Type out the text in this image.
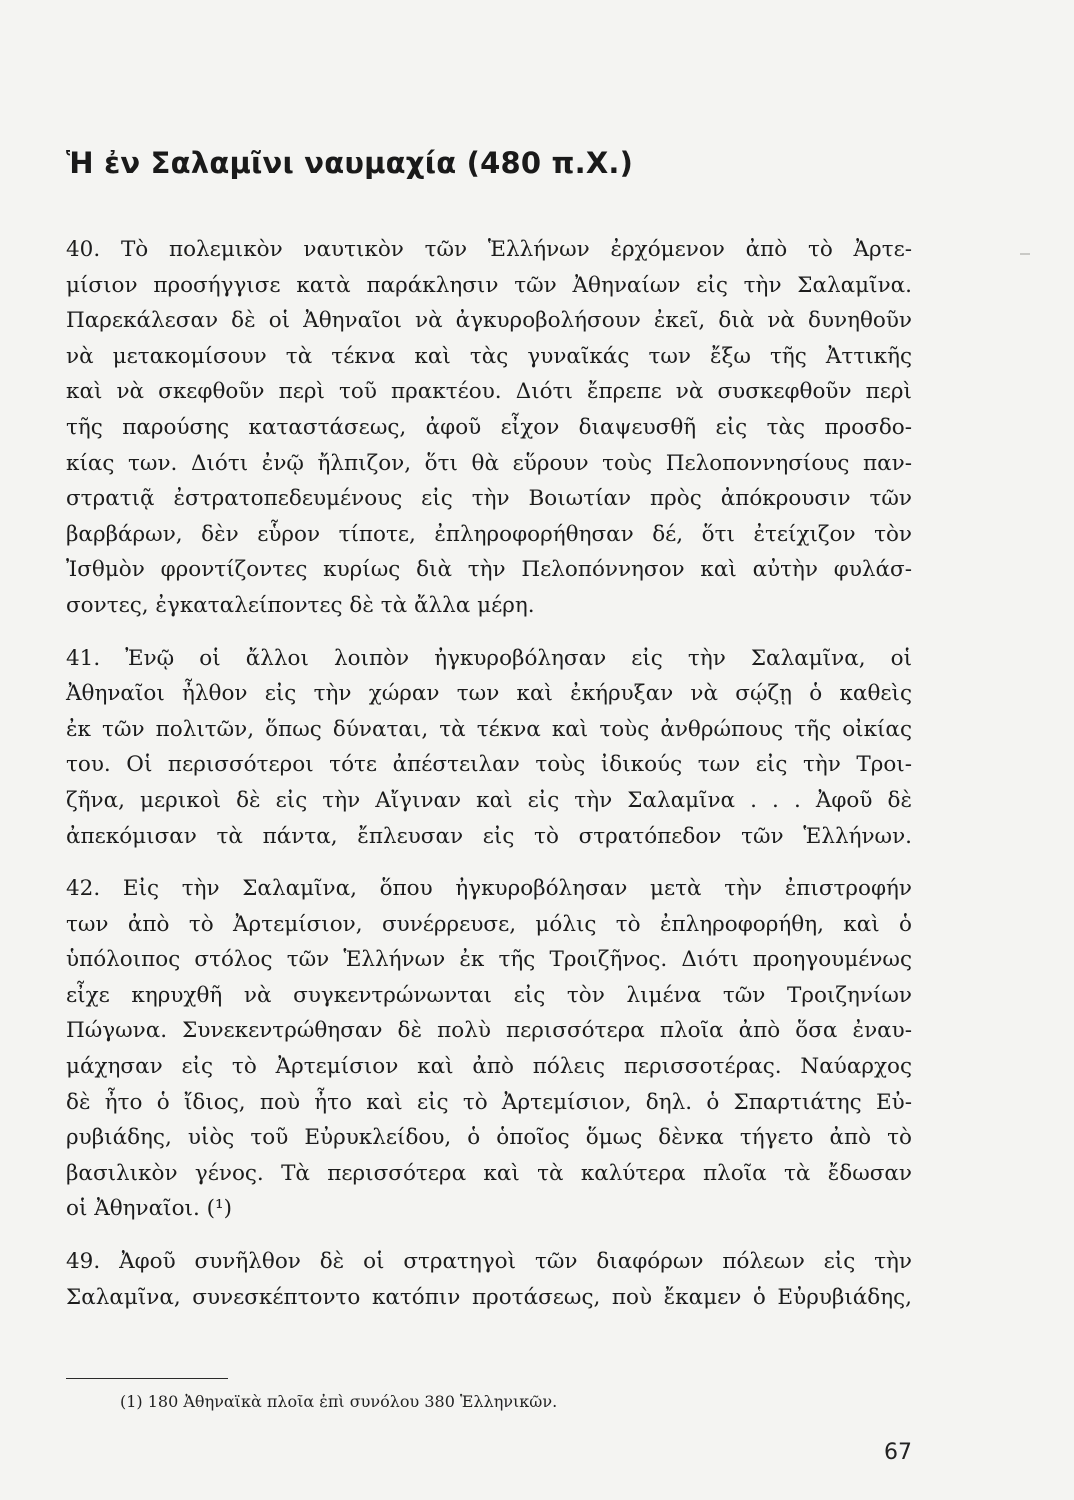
Ἡ ἐν Σαλαμῖνι ναυμαχία (480 π.Χ.)
40. Τὸ πολεμικὸν ναυτικὸν τῶν Ἑλλήνων ἐρχόμενον ἀπὸ τὸ Ἀρτε-
μίσιον προσήγγισε κατὰ παράκλησιν τῶν Ἀθηναίων εἰς τὴν Σαλαμῖνα.
Παρεκάλεσαν δὲ οἱ Ἀθηναῖοι νὰ ἀγκυροβολήσουν ἐκεῖ, διὰ νὰ δυνηθοῦν
νὰ μετακομίσουν τὰ τέκνα καὶ τὰς γυναῖκάς των ἔξω τῆς Ἀττικῆς
καὶ νὰ σκεφθοῦν περὶ τοῦ πρακτέου. Διότι ἔπρεπε νὰ συσκεφθοῦν περὶ
τῆς παρούσης καταστάσεως, ἀφοῦ εἶχον διαψευσθῆ εἰς τὰς προσδο-
κίας των. Διότι ἐνῷ ἤλπιζον, ὅτι θὰ εὕρουν τοὺς Πελοποννησίους παν-
στρατιᾷ ἐστρατοπεδευμένους εἰς τὴν Βοιωτίαν πρὸς ἀπόκρουσιν τῶν
βαρβάρων, δὲν εὗρον τίποτε, ἐπληροφορήθησαν δέ, ὅτι ἐτείχιζον τὸν
Ἰσθμὸν φροντίζοντες κυρίως διὰ τὴν Πελοπόννησον καὶ αὐτὴν φυλάσ-
σοντες, ἐγκαταλείποντες δὲ τὰ ἄλλα μέρη.
41. Ἐνῷ οἱ ἄλλοι λοιπὸν ἠγκυροβόλησαν εἰς τὴν Σαλαμῖνα, οἱ
Ἀθηναῖοι ἦλθον εἰς τὴν χώραν των καὶ ἐκήρυξαν νὰ σῴζῃ ὁ καθεὶς
ἐκ τῶν πολιτῶν, ὅπως δύναται, τὰ τέκνα καὶ τοὺς ἀνθρώπους τῆς οἰκίας
του. Οἱ περισσότεροι τότε ἀπέστειλαν τοὺς ἰδικούς των εἰς τὴν Τροι-
ζῆνα, μερικοὶ δὲ εἰς τὴν Αἴγιναν καὶ εἰς τὴν Σαλαμῖνα . . . Ἀφοῦ δὲ
ἀπεκόμισαν τὰ πάντα, ἔπλευσαν εἰς τὸ στρατόπεδον τῶν Ἑλλήνων.
42. Εἰς τὴν Σαλαμῖνα, ὅπου ἠγκυροβόλησαν μετὰ τὴν ἐπιστροφήν
των ἀπὸ τὸ Ἀρτεμίσιον, συνέρρευσε, μόλις τὸ ἐπληροφορήθη, καὶ ὁ
ὑπόλοιπος στόλος τῶν Ἑλλήνων ἐκ τῆς Τροιζῆνος. Διότι προηγουμένως
εἶχε κηρυχθῆ νὰ συγκεντρώνωνται εἰς τὸν λιμένα τῶν Τροιζηνίων
Πώγωνα. Συνεκεντρώθησαν δὲ πολὺ περισσότερα πλοῖα ἀπὸ ὅσα ἐναυ-
μάχησαν εἰς τὸ Ἀρτεμίσιον καὶ ἀπὸ πόλεις περισσοτέρας. Ναύαρχος
δὲ ἦτο ὁ ἴδιος, ποὺ ἦτο καὶ εἰς τὸ Ἀρτεμίσιον, δηλ. ὁ Σπαρτιάτης Εὐ-
ρυβιάδης, υἱὸς τοῦ Εὐρυκλείδου, ὁ ὁποῖος ὅμως δὲνκα τήγετο ἀπὸ τὸ
βασιλικὸν γένος. Τὰ περισσότερα καὶ τὰ καλύτερα πλοῖα τὰ ἔδωσαν
οἱ Ἀθηναῖοι. (¹)
49. Ἀφοῦ συνῆλθον δὲ οἱ στρατηγοὶ τῶν διαφόρων πόλεων εἰς τὴν
Σαλαμῖνα, συνεσκέπτοντο κατόπιν προτάσεως, ποὺ ἔκαμεν ὁ Εὐρυβιάδης,
(1) 180 Ἀθηναϊκὰ πλοῖα ἐπὶ συνόλου 380 Ἑλληνικῶν.
67
